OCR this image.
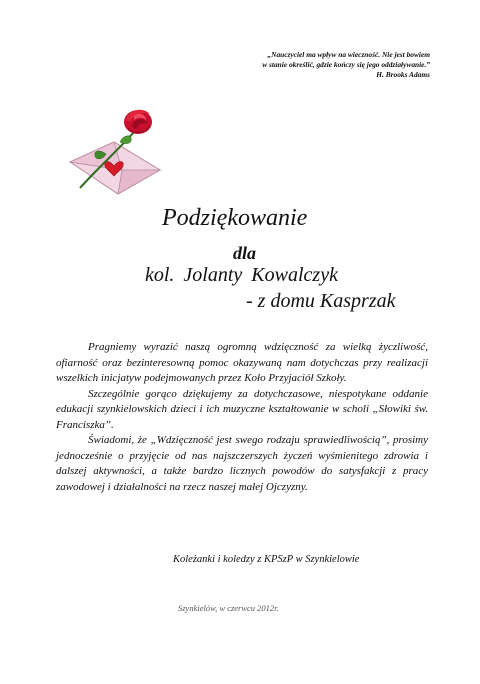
„Nauczyciel ma wpływ na wieczność. Nie jest bowiem
w stanie określić, gdzie kończy się jego oddziaływanie.”
H. Brooks Adams
Podziękowanie
dla
kol. Jolanty Kowalczyk
- z domu Kasprzak

Pragniemy wyrazić naszą ogromną wdzięczność za wielką życzliwość, ofiarność oraz bezinteresowną pomoc okazywaną nam dotychczas przy realizacji wszelkich inicjatyw podejmowanych przez Koło Przyjaciół Szkoły.

Szczególnie gorąco dziękujemy za dotychczasowe, niespotykane oddanie edukacji szynkielowskich dzieci i ich muzyczne kształtowanie w scholi „Słowiki św. Franciszka”.

Świadomi, że „Wdzięczność jest swego rodzaju sprawiedliwością”, prosimy jednocześnie o przyjęcie od nas najszczerszych życzeń wyśmienitego zdrowia i dalszej aktywności, a także bardzo licznych powodów do satysfakcji z pracy zawodowej i działalności na rzecz naszej małej Ojczyzny.

Koleżanki i koledzy z KPSzP w Szynkielowie
Szynkielów, w czerwcu 2012r.
